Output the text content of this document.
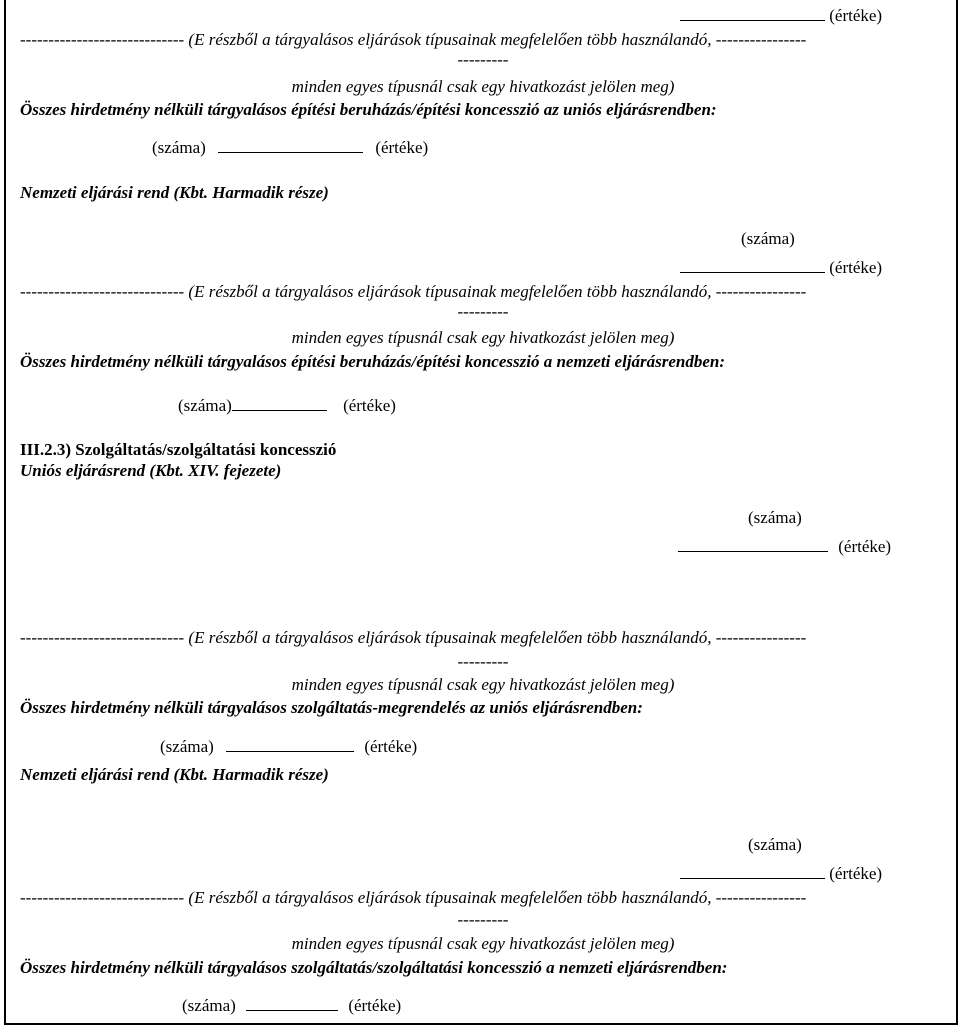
(értéke)
----------------------------- (E részből a tárgyalásos eljárások típusainak megfelelően több használandó, ----------------
---------
minden egyes típusnál csak egy hivatkozást jelölen meg)
Összes hirdetmény nélküli tárgyalásos építési beruházás/építési koncesszió az uniós eljárásrendben:
(száma)	(értéke)
Nemzeti eljárási rend (Kbt. Harmadik része)
(száma)
(értéke)
----------------------------- (E részből a tárgyalásos eljárások típusainak megfelelően több használandó, ----------------
---------
minden egyes típusnál csak egy hivatkozást jelölen meg)
Összes hirdetmény nélküli tárgyalásos építési beruházás/építési koncesszió a nemzeti eljárásrendben:
(száma)	(értéke)
III.2.3) Szolgáltatás/szolgáltatási koncesszió
Uniós eljárásrend (Kbt. XIV. fejezete)
(száma)
(értéke)
----------------------------- (E részből a tárgyalásos eljárások típusainak megfelelően több használandó, ----------------
---------
minden egyes típusnál csak egy hivatkozást jelölen meg)
Összes hirdetmény nélküli tárgyalásos szolgáltatás-megrendelés az uniós eljárásrendben:
(száma)	(értéke)
Nemzeti eljárási rend (Kbt. Harmadik része)
(száma)
(értéke)
----------------------------- (E részből a tárgyalásos eljárások típusainak megfelelően több használandó, ----------------
---------
minden egyes típusnál csak egy hivatkozást jelölen meg)
Összes hirdetmény nélküli tárgyalásos szolgáltatás/szolgáltatási koncesszió a nemzeti eljárásrendben:
(száma)	(értéke)
